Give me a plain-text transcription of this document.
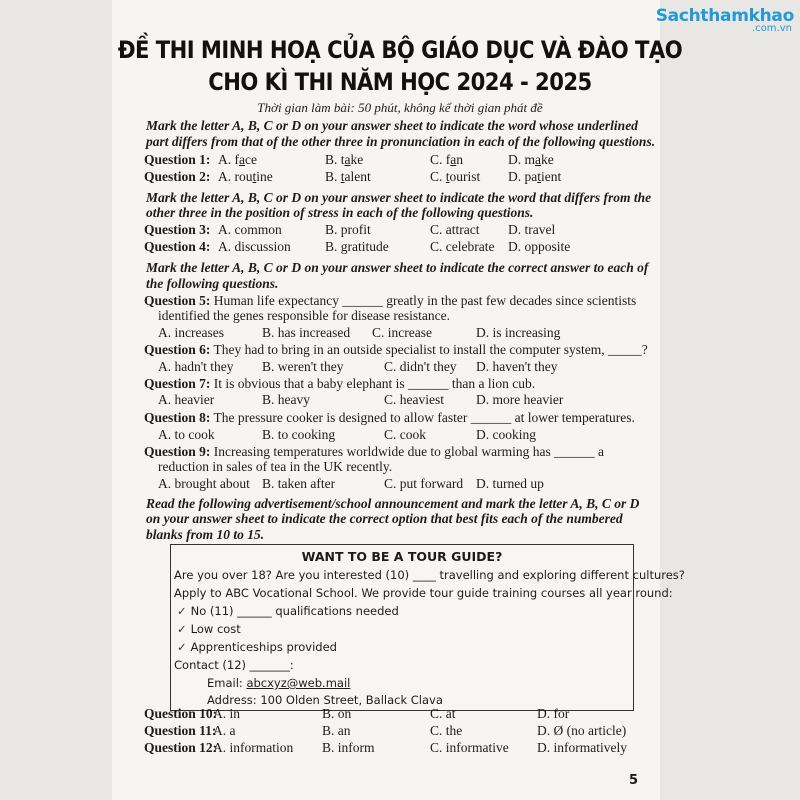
Sachthamkhao
.com.vn
ĐỀ THI MINH HOẠ CỦA BỘ GIÁO DỤC VÀ ĐÀO TẠO
CHO KÌ THI NĂM HỌC 2024 - 2025
Thời gian làm bài: 50 phút, không kể thời gian phát đề
Mark the letter A, B, C or D on your answer sheet to indicate the word whose underlined
part differs from that of the other three in pronunciation in each of the following questions.
Question 1: A. face	B. take	C. fan	D. make
Question 2: A. routine	B. talent	C. tourist D. patient
Mark the letter A, B, C or D on your answer sheet to indicate the word that differs from the
other three in the position of stress in each of the following questions.
Question 3: A. common	B. profit	C. attract D. travel
Question 4: A. discussion	B. gratitude	C. celebrate D. opposite
Mark the letter A, B, C or D on your answer sheet to indicate the correct answer to each of
the following questions.
Question 5: Human life expectancy ______ greatly in the past few decades since scientists
identified the genes responsible for disease resistance.
A. increases	B. has increased C. increase	D. is increasing
Question 6: They had to bring in an outside specialist to install the computer system, _____?
A. hadn't they B. weren't they	C. didn't they D. haven't they
Question 7: It is obvious that a baby elephant is ______ than a lion cub.
A. heavier	B. heavy	C. heaviest D. more heavier
Question 8: The pressure cooker is designed to allow faster ______ at lower temperatures.
A. to cook	B. to cooking	C. cook	D. cooking
Question 9: Increasing temperatures worldwide due to global warming has ______ a
reduction in sales of tea in the UK recently.
A. brought about B. taken after	C. put forward D. turned up
Read the following advertisement/school announcement and mark the letter A, B, C or D
on your answer sheet to indicate the correct option that best fits each of the numbered
blanks from 10 to 15.
WANT TO BE A TOUR GUIDE?
Are you over 18? Are you interested (10) ____ travelling and exploring different cultures?
Apply to ABC Vocational School. We provide tour guide training courses all year round:
✓ No (11) ______ qualifications needed
✓ Low cost
✓ Apprenticeships provided
Contact (12) _______:
Email: abcxyz@web.mail
Address: 100 Olden Street, Ballack Clava
Question 10:
A. in	B. on	C. at	D. for
Question 11:
A. a	B. an	C. the	D. Ø (no article)
Question 12:
A. information B. inform	C. informative D. informatively
5
